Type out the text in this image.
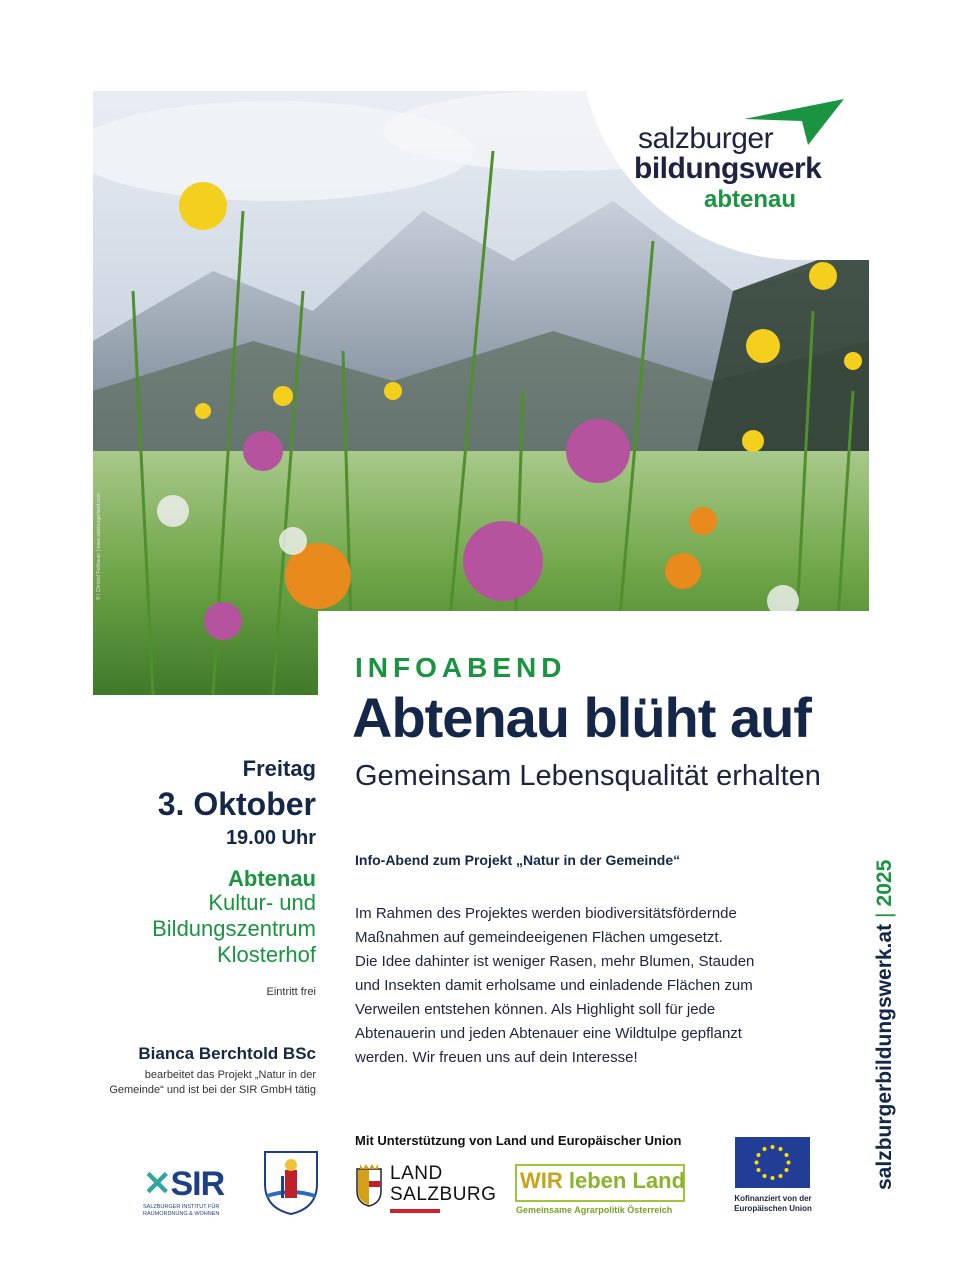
© | Christof Feilhauer | www.salzburgerland.com
salzburger
bildungswerk
abtenau
INFOABEND
Abtenau blüht auf
Gemeinsam Lebensqualität erhalten
Freitag
3. Oktober
19.00 Uhr
Abtenau
Kultur- und
Bildungszentrum
Klosterhof
Eintritt frei
Bianca Berchtold BSc
bearbeitet das Projekt „Natur in der
Gemeinde“ und ist bei der SIR GmbH tätig
Info-Abend zum Projekt „Natur in der Gemeinde“
Im Rahmen des Projektes werden biodiversitätsfördernde
Maßnahmen auf gemeindeeigenen Flächen umgesetzt.
Die Idee dahinter ist weniger Rasen, mehr Blumen, Stauden
und Insekten damit erholsame und einladende Flächen zum
Verweilen entstehen können. Als Highlight soll für jede
Abtenauerin und jeden Abtenauer eine Wildtulpe gepflanzt
werden. Wir freuen uns auf dein Interesse!	salzburgerbildungswerk.at|2025
Mit Unterstützung von Land und Europäischer Union
✕SIR
SALZBURGER INSTITUT FÜR
RAUMORDNUNG & WOHNEN
LAND
SALZBURG
WIR leben Land
Gemeinsame Agrarpolitik Österreich
Kofinanziert von der
Europäischen Union
